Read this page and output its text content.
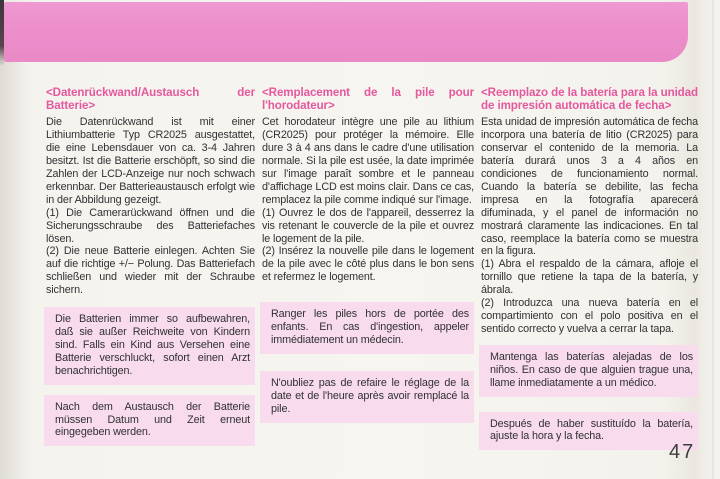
<Datenrückwand/Austausch der Batterie>

Die Datenrückwand ist mit einer Lithiumbatterie Typ CR2025 ausgestattet, die eine Lebensdauer von ca. 3-4 Jahren besitzt. Ist die Batterie erschöpft, so sind die Zahlen der LCD-Anzeige nur noch schwach erkennbar. Der Batterieaustausch erfolgt wie in der Abbildung gezeigt.

(1) Die Camerarückwand öffnen und die Sicherungsschraube des Batteriefaches lösen.

(2) Die neue Batterie einlegen. Achten Sie auf die richtige +/− Polung. Das Batteriefach schließen und wieder mit der Schraube sichern.

Die Batterien immer so aufbewahren, daß sie außer Reichweite von Kindern sind. Falls ein Kind aus Versehen eine Batterie verschluckt, sofort einen Arzt benachrichtigen.

Nach dem Austausch der Batterie müssen Datum und Zeit erneut eingegeben werden.

<Remplacement de la pile pour l'horodateur>

Cet horodateur intègre une pile au lithium (CR2025) pour protéger la mémoire. Elle dure 3 à 4 ans dans le cadre d'une utilisation normale. Si la pile est usée, la date imprimée sur l'image paraît sombre et le panneau d'affichage LCD est moins clair. Dans ce cas, remplacez la pile comme indiqué sur l'image.

(1) Ouvrez le dos de l'appareil, desserrez la vis retenant le couvercle de la pile et ouvrez le logement de la pile.

(2) Insérez la nouvelle pile dans le logement de la pile avec le côté plus dans le bon sens et refermez le logement.

Ranger les piles hors de portée des enfants. En cas d'ingestion, appeler immédiatement un médecin.

N'oubliez pas de refaire le réglage de la date et de l'heure après avoir remplacé la pile.

<Reemplazo de la batería para la unidad de impresión automática de fecha>

Esta unidad de impresión automática de fecha incorpora una batería de litio (CR2025) para conservar el contenido de la memoria. La batería durará unos 3 a 4 años en condiciones de funcionamiento normal. Cuando la batería se debilite, las fecha impresa en la fotografía aparecerá difuminada, y el panel de información no mostrará claramente las indicaciones. En tal caso, reemplace la batería como se muestra en la figura.

(1) Abra el respaldo de la cámara, afloje el tornillo que retiene la tapa de la batería, y ábrala.

(2) Introduzca una nueva batería en el compartimiento con el polo positiva en el sentido correcto y vuelva a cerrar la tapa.

Mantenga las baterías alejadas de los niños. En caso de que alguien trague una, llame inmediatamente a un médico.

Después de haber sustituído la batería, ajuste la hora y la fecha.

47
